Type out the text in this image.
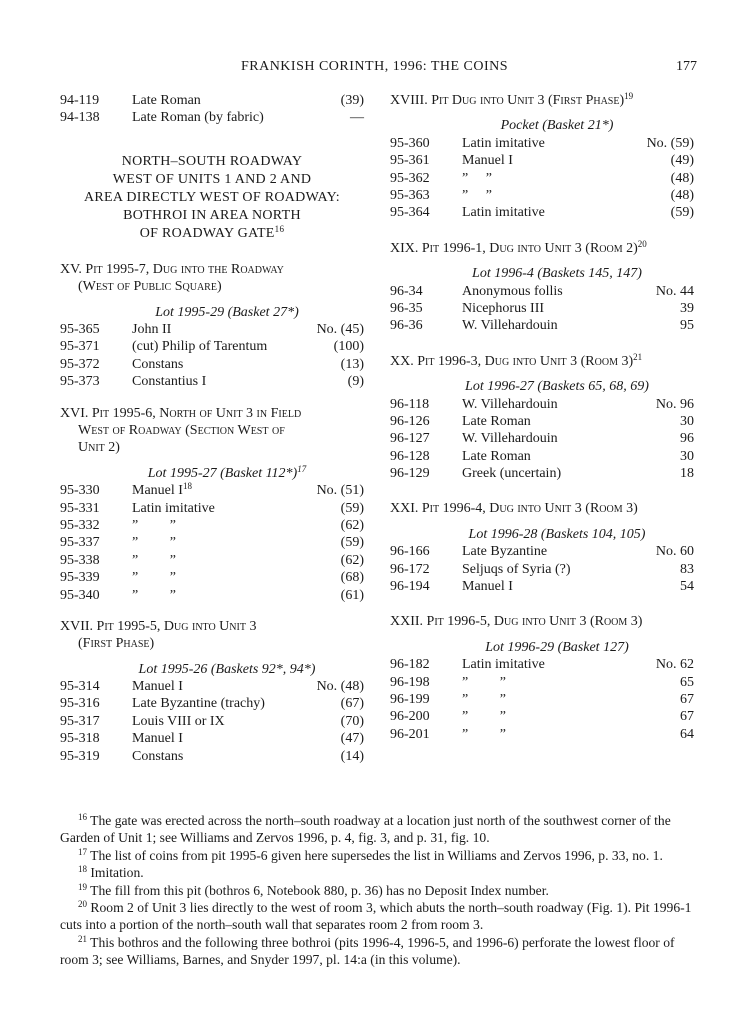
FRANKISH CORINTH, 1996: THE COINS	177
94-119	Late Roman	(39)
94-138	Late Roman (by fabric)	—
NORTH–SOUTH ROADWAY
WEST OF UNITS 1 AND 2 AND
AREA DIRECTLY WEST OF ROADWAY:
BOTHROI IN AREA NORTH
OF ROADWAY GATE$^{16}$
XV. Pit 1995-7, Dug into the Roadway
(West of Public Square)
Lot 1995-29 (Basket 27*)
95-365	John II	No. (45)
95-371	(cut) Philip of Tarentum	(100)
95-372	Constans	(13)
95-373	Constantius I	(9)
XVI. Pit 1995-6, North of Unit 3 in Field
West of Roadway (Section West of
Unit 2)
Lot 1995-27 (Basket 112*)$^{17}$
95-330	Manuel $I^{18}$	No. (51)
95-331	Latin imitative	(59)
95-332	”         ”	(62)
95-337	”         ”	(59)
95-338	”         ”	(62)
95-339	”         ”	(68)
95-340	”         ”	(61)
XVII. Pit 1995-5, Dug into Unit 3
(First Phase)
Lot 1995-26 (Baskets 92*, 94*)
95-314	Manuel I	No. (48)
95-316	Late Byzantine (trachy)	(67)
95-317	Louis VIII or IX	(70)
95-318	Manuel I	(47)
95-319	Constans	(14)
XVIII. Pit Dug into Unit 3 (First Phase)$^{19}$
Pocket (Basket 21*)
95-360	Latin imitative	No. (59)
95-361	Manuel I	(49)
95-362	”     ”	(48)
95-363	”     ”	(48)
95-364	Latin imitative	(59)
XIX. Pit 1996-1, Dug into Unit 3 (Room 2)$^{20}$
Lot 1996-4 (Baskets 145, 147)
96-34	Anonymous follis	No. 44
96-35	Nicephorus III	39
96-36	W. Villehardouin	95
XX. Pit 1996-3, Dug into Unit 3 (Room 3)$^{21}$
Lot 1996-27 (Baskets 65, 68, 69)
96-118	W. Villehardouin	No. 96
96-126	Late Roman	30
96-127	W. Villehardouin	96
96-128	Late Roman	30
96-129	Greek (uncertain)	18
XXI. Pit 1996-4, Dug into Unit 3 (Room 3)
Lot 1996-28 (Baskets 104, 105)
96-166	Late Byzantine	No. 60
96-172	Seljuqs of Syria (?)	83
96-194	Manuel I	54
XXII. Pit 1996-5, Dug into Unit 3 (Room 3)
Lot 1996-29 (Basket 127)
96-182	Latin imitative	No. 62
96-198	”         ”	65
96-199	”         ”	67
96-200	”         ”	67
96-201	”         ”	64
$^{16}$ The gate was erected across the north–south roadway at a location just north of the southwest corner of the Garden of Unit 1; see Williams and Zervos 1996, p. 4, fig. 3, and p. 31, fig. 10.
$^{17}$ The list of coins from pit 1995-6 given here supersedes the list in Williams and Zervos 1996, p. 33, no. 1.
$^{18}$ Imitation.
$^{19}$ The fill from this pit (bothros 6, Notebook 880, p. 36) has no Deposit Index number.
$^{20}$ Room 2 of Unit 3 lies directly to the west of room 3, which abuts the north–south roadway (Fig. 1). Pit 1996-1 cuts into a portion of the north–south wall that separates room 2 from room 3.
$^{21}$ This bothros and the following three bothroi (pits 1996-4, 1996-5, and 1996-6) perforate the lowest floor of room 3; see Williams, Barnes, and Snyder 1997, pl. 14:a (in this volume).
